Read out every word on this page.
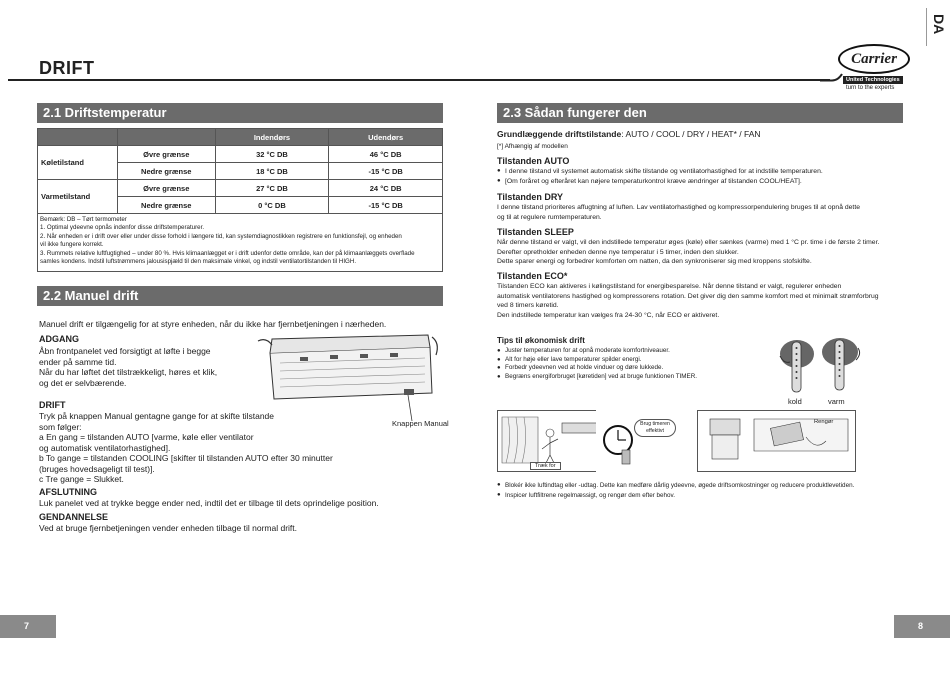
DA
DRIFT	Carrier
United Technologies
turn to the experts
2.1 Driftstemperatur
		Indendørs	Udendørs
Køletilstand	Øvre grænse	32 °C DB	46 °C DB
	Nedre grænse	18 °C DB	-15 °C DB
Varmetilstand	Øvre grænse	27 °C DB	24 °C DB
	Nedre grænse	0 °C DB	-15 °C DB
Bemærk: DB – Tørt termometer
1. Optimal ydeevne opnås indenfor disse driftstemperaturer.
2. Når enheden er i drift over eller under disse forhold i længere tid, kan systemdiagnostikken registrere en funktionsfejl, og enheden
vil ikke fungere korrekt.
3. Rummets relative luftfugtighed – under 80 %. Hvis klimaanlægget er i drift udenfor dette område, kan der på klimaanlæggets overflade
samles kondens. Indstil luftstrømmens jalousispjæld til den maksimale vinkel, og indstil ventilatortilstanden til HIGH.
2.2 Manuel drift
Manuel drift er tilgængelig for at styre enheden, når du ikke har fjernbetjeningen i nærheden.
ADGANG
Åbn frontpanelet ved forsigtigt at løfte i begge
ender på samme tid.
Når du har løftet det tilstrækkeligt, høres et klik,
og det er selvbærende.
Knappen Manual
DRIFT
Tryk på knappen Manual gentagne gange for at skifte tilstande
som følger:
a En gang = tilstanden AUTO [varme, køle eller ventilator
og automatisk ventilatorhastighed].
b To gange = tilstanden COOLING [skifter til tilstanden AUTO efter 30 minutter
(bruges hovedsageligt til test)].
c Tre gange = Slukket.
AFSLUTNING
Luk panelet ved at trykke begge ender ned, indtil det er tilbage til dets oprindelige position.
GENDANNELSE
Ved at bruge fjernbetjeningen vender enheden tilbage til normal drift.
2.3 Sådan fungerer den
Grundlæggende driftstilstande: AUTO / COOL / DRY / HEAT* / FAN
[*] Afhængig af modellen
Tilstanden AUTO
● I denne tilstand vil systemet automatisk skifte tilstande og ventilatorhastighed for at indstille temperaturen.
● [Om foråret og efteråret kan nøjere temperaturkontrol kræve ændringer af tilstanden COOL/HEAT].
Tilstanden DRY
I denne tilstand prioriteres affugtning af luften. Lav ventilatorhastighed og kompressorpendulering bruges til at opnå dette
og til at regulere rumtemperaturen.
Tilstanden SLEEP
Når denne tilstand er valgt, vil den indstillede temperatur øges (køle) eller sænkes (varme) med 1 °C pr. time i de første 2 timer.
Derefter opretholder enheden denne nye temperatur i 5 timer, inden den slukker.
Dette sparer energi og forbedrer komforten om natten, da den synkroniserer sig med kroppens stofskifte.
Tilstanden ECO*
Tilstanden ECO kan aktiveres i kølingstilstand for energibesparelse. Når denne tilstand er valgt, regulerer enheden
automatisk ventilatorens hastighed og kompressorens rotation. Det giver dig den samme komfort med et minimalt strømforbrug
ved 8 timers køretid.
Den indstillede temperatur kan vælges fra 24-30 °C, når ECO er aktiveret.
Tips til økonomisk drift
● Juster temperaturen for at opnå moderate komfortniveauer.
● Alt for høje eller lave temperaturer spilder energi.
● Forbedr ydeevnen ved at holde vinduer og døre lukkede.
● Begræns energiforbruget [køretiden] ved at bruge funktionen TIMER.
kold	varm
Træk for
Brug timeren effektivt
Rengør
● Blokér ikke luftindtag eller -udtag. Dette kan medføre dårlig ydeevne, øgede driftsomkostninger og reducere produktlevetiden.
● Inspicer luftfiltrene regelmæssigt, og rengør dem efter behov.
7	8
